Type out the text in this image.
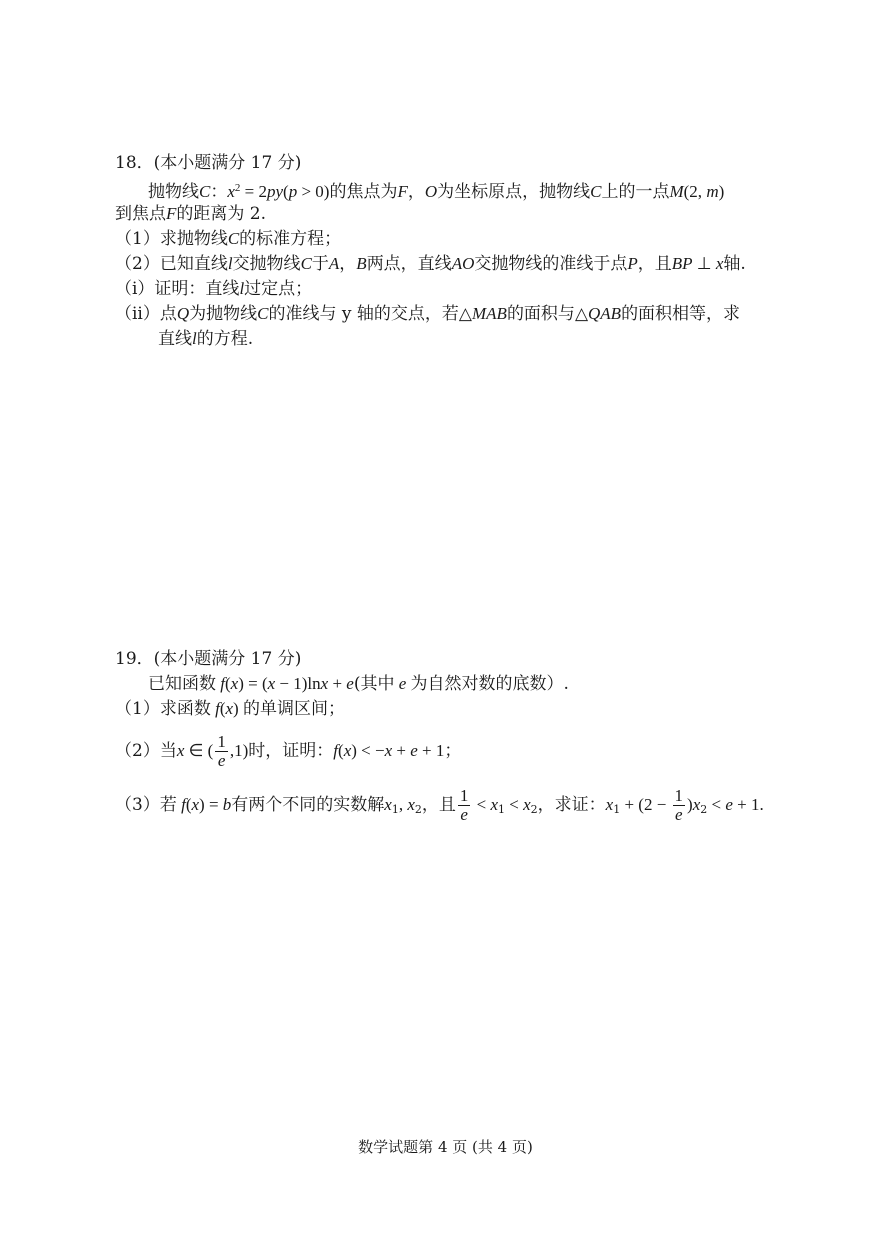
18．(本小题满分 17 分)
抛物线C：$x^2 = 2py(p > 0)$的焦点为F，O为坐标原点，抛物线C上的一点M(2, m)
到焦点F的距离为 2.
（1）求抛物线C的标准方程；
（2）已知直线l交抛物线C于A，B两点，直线AO交抛物线的准线于点P，且BP ⊥ x轴.
（i）证明：直线l过定点；
（ii）点Q为抛物线C的准线与 y 轴的交点，若△MAB的面积与△QAB的面积相等，求
直线l的方程.
19．(本小题满分 17 分)
已知函数 f(x) = (x − 1)lnx + e(其中 e 为自然对数的底数）.
（1）求函数 f(x) 的单调区间；
（2）当x ∈ ( $\frac{1}{e} ,1$)时，证明：f(x) < −x + e + 1；
（3）若 f(x) = b有两个不同的实数解$x_1$, $x_2$，且 $\frac{1}{e} < x_1 < x_2$，求证：$x_1 + (2 - \frac{1}{e} )x_2 < e + 1$.
数学试题第 4 页 (共 4 页)
